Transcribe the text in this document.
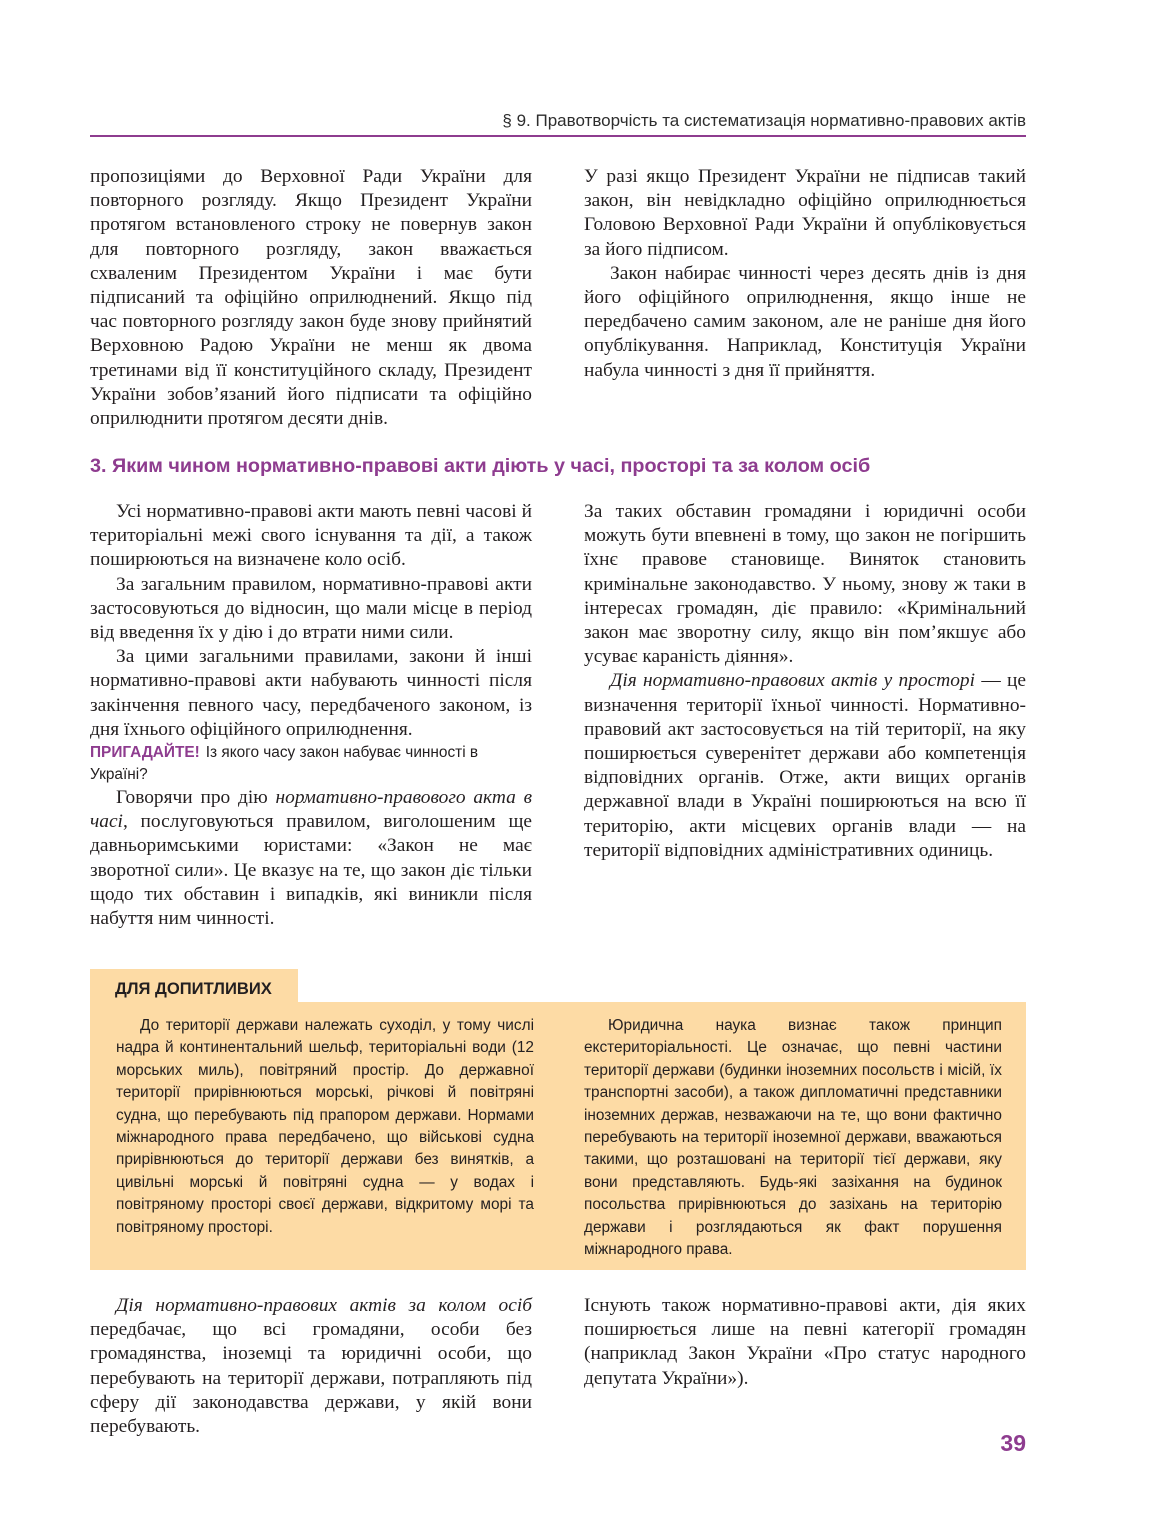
§ 9. Правотворчість та систематизація нормативно-правових актів

пропозиціями до Верховної Ради України для повторного розгляду. Якщо Президент України протягом встановленого строку не повернув закон для повторного розгляду, закон вважається схваленим Президентом України і має бути підписаний та офіційно оприлюднений. Якщо під час повторного розгляду закон буде знову прийнятий Верховною Радою України не менш як двома третинами від її конституційного складу, Президент України зобов’язаний його підписати та офіційно оприлюднити протягом десяти днів.

У разі якщо Президент України не підписав такий закон, він невідкладно офіційно оприлюднюється Головою Верховної Ради України й опубліковується за його підписом.

Закон набирає чинності через десять днів із дня його офіційного оприлюднення, якщо інше не передбачено самим законом, але не раніше дня його опублікування. Наприклад, Конституція України набула чинності з дня її прийняття.

3. Яким чином нормативно-правові акти діють у часі, просторі та за колом осіб

Усі нормативно-правові акти мають певні часові й територіальні межі свого існування та дії, а також поширюються на визначене коло осіб.

За загальним правилом, нормативно-правові акти застосовуються до відносин, що мали місце в період від введення їх у дію і до втрати ними сили.

За цими загальними правилами, закони й інші нормативно-правові акти набувають чинності після закінчення певного часу, передбаченого законом, із дня їхнього офіційного оприлюднення.

ПРИГАДАЙТЕ! Із якого часу закон набуває чинності в Україні?

Говорячи про дію нормативно-правового акта в часі, послуговуються правилом, виголошеним ще давньоримськими юристами: «Закон не має зворотної сили». Це вказує на те, що закон діє тільки щодо тих обставин і випадків, які виникли після набуття ним чинності.

За таких обставин громадяни і юридичні особи можуть бути впевнені в тому, що закон не погіршить їхнє правове становище. Виняток становить кримінальне законодавство. У ньому, знову ж таки в інтересах громадян, діє правило: «Кримінальний закон має зворотну силу, якщо він пом’якшує або усуває караність діяння».

Дія нормативно-правових актів у просторі — це визначення території їхньої чинності. Нормативно-правовий акт застосовується на тій території, на яку поширюється суверенітет держави або компетенція відповідних органів. Отже, акти вищих органів державної влади в Україні поширюються на всю її територію, акти місцевих органів влади — на території відповідних адміністративних одиниць.

ДЛЯ ДОПИТЛИВИХ

До території держави належать суходіл, у тому числі надра й континентальний шельф, територіальні води (12 морських миль), повітряний простір. До державної території прирівнюються морські, річкові й повітряні судна, що перебувають під прапором держави. Нормами міжнародного права передбачено, що військові судна прирівнюються до території держави без винятків, а цивільні морські й повітряні судна — у водах і повітряному просторі своєї держави, відкритому морі та повітряному просторі.

Юридична наука визнає також принцип екстериторіальності. Це означає, що певні частини території держави (будинки іноземних посольств і місій, їх транспортні засоби), а також дипломатичні представники іноземних держав, незважаючи на те, що вони фактично перебувають на території іноземної держави, вважаються такими, що розташовані на території тієї держави, яку вони представляють. Будь-які зазіхання на будинок посольства прирівнюються до зазіхань на територію держави і розглядаються як факт порушення міжнародного права.

Дія нормативно-правових актів за колом осіб передбачає, що всі громадяни, особи без громадянства, іноземці та юридичні особи, що перебувають на території держави, потрапляють під сферу дії законодавства держави, у якій вони перебувають.

Існують також нормативно-правові акти, дія яких поширюється лише на певні категорії громадян (наприклад Закон України «Про статус народного депутата України»).

39
